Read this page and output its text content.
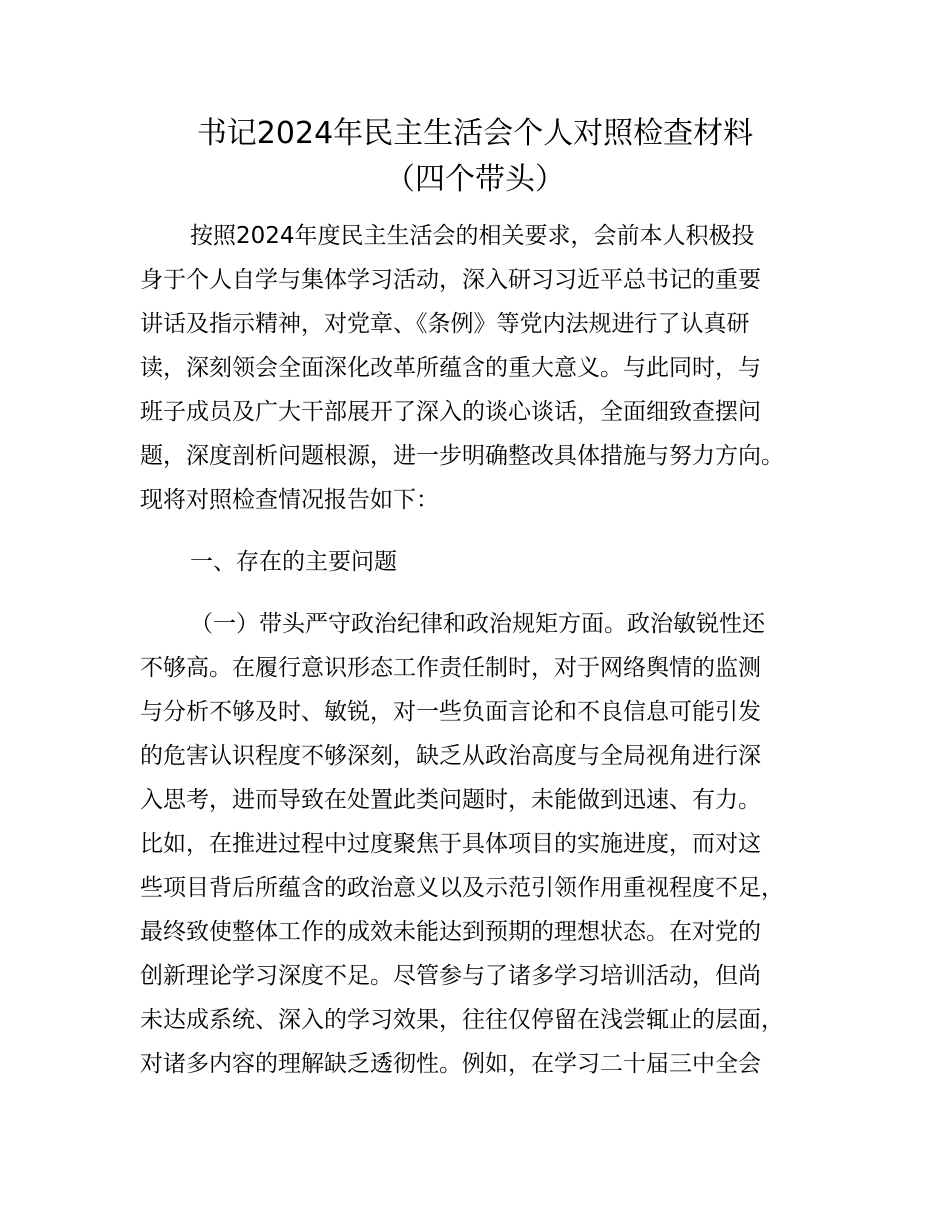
书记2024年民主生活会个人对照检查材料
（四个带头）

按照2024年度民主生活会的相关要求，会前本人积极投

身于个人自学与集体学习活动，深入研习习近平总书记的重要

讲话及指示精神，对党章、《条例》等党内法规进行了认真研

读，深刻领会全面深化改革所蕴含的重大意义。与此同时，与

班子成员及广大干部展开了深入的谈心谈话，全面细致查摆问

题，深度剖析问题根源，进一步明确整改具体措施与努力方向。

现将对照检查情况报告如下：

一、存在的主要问题

（一）带头严守政治纪律和政治规矩方面。政治敏锐性还

不够高。在履行意识形态工作责任制时，对于网络舆情的监测

与分析不够及时、敏锐，对一些负面言论和不良信息可能引发

的危害认识程度不够深刻，缺乏从政治高度与全局视角进行深

入思考，进而导致在处置此类问题时，未能做到迅速、有力。

比如，在推进过程中过度聚焦于具体项目的实施进度，而对这

些项目背后所蕴含的政治意义以及示范引领作用重视程度不足，

最终致使整体工作的成效未能达到预期的理想状态。在对党的

创新理论学习深度不足。尽管参与了诸多学习培训活动，但尚

未达成系统、深入的学习效果，往往仅停留在浅尝辄止的层面，

对诸多内容的理解缺乏透彻性。例如，在学习二十届三中全会
